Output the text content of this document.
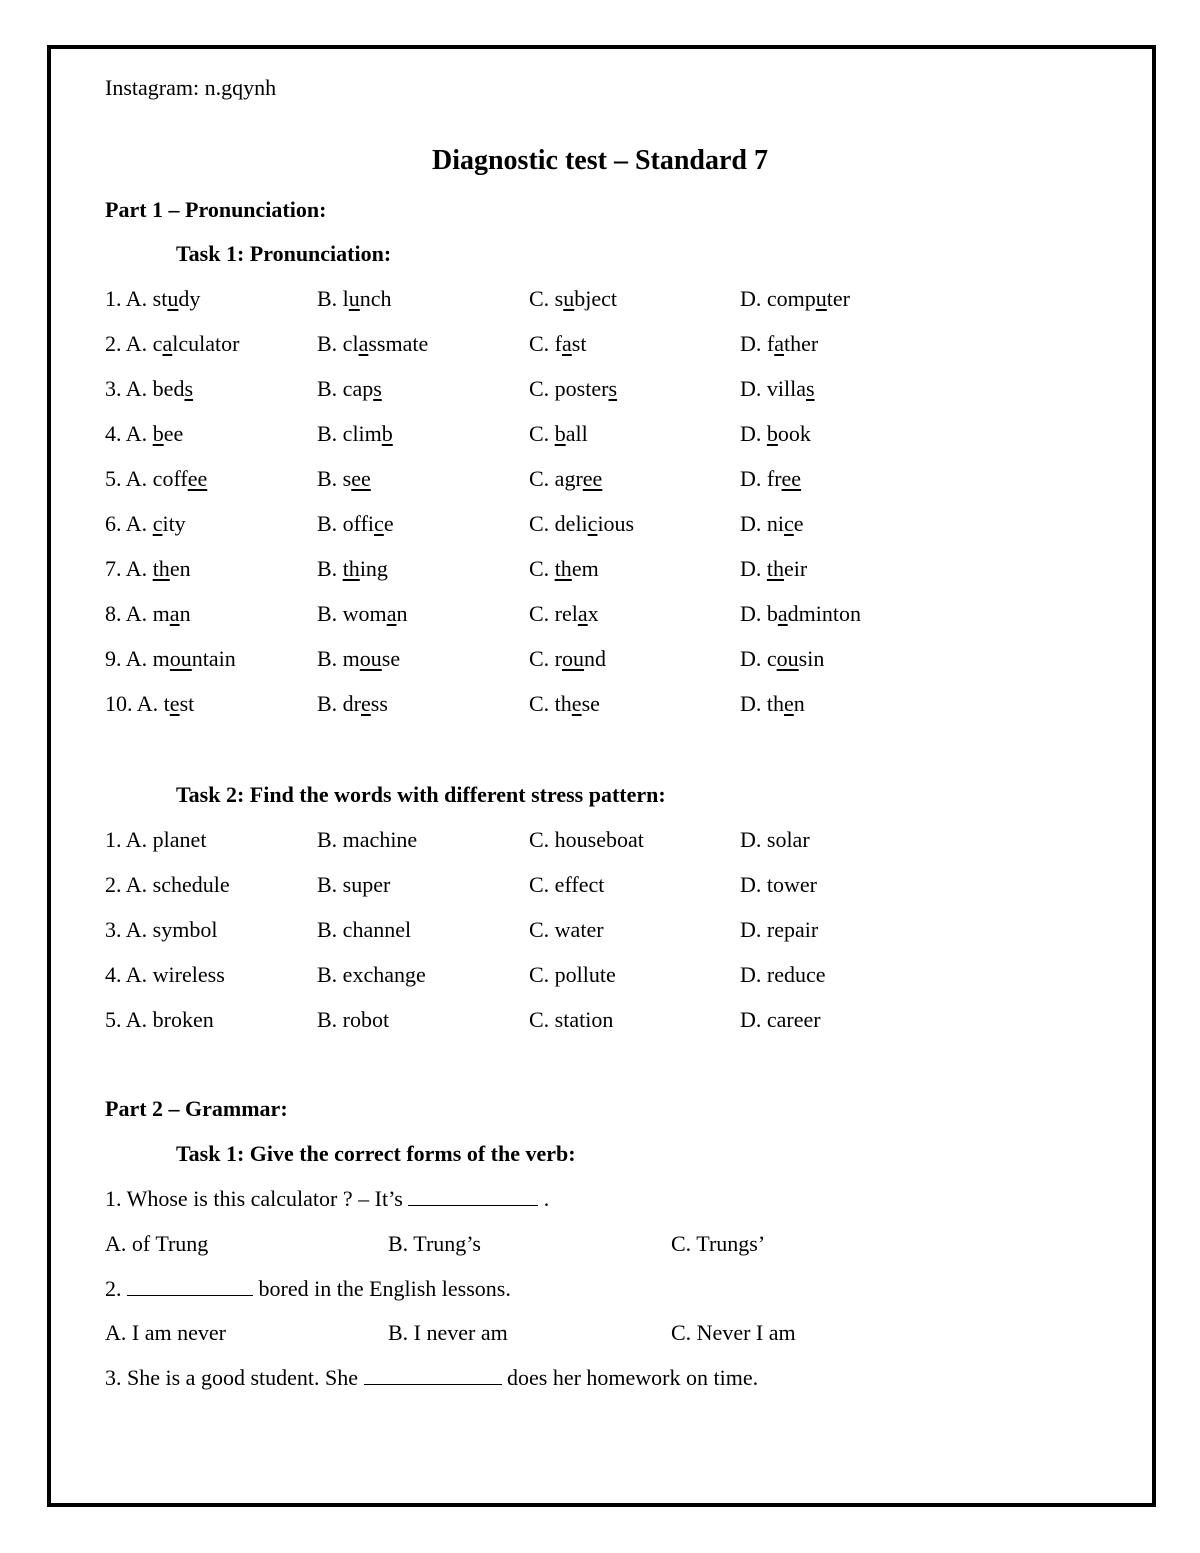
Instagram: n.gqynh
Diagnostic test – Standard 7
Part 1 – Pronunciation:
Task 1: Pronunciation:
1. A. study	B. lunch	C. subject	D. computer
2. A. calculator	B. classmate	C. fast	D. father
3. A. beds	B. caps	C. posters	D. villas
4. A. bee	B. climb	C. ball	D. book
5. A. coffee	B. see	C. agree	D. free
6. A. city	B. office	C. delicious	D. nice
7. A. then	B. thing	C. them	D. their
8. A. man	B. woman	C. relax	D. badminton
9. A. mountain	B. mouse	C. round	D. cousin
10. A. test	B. dress	C. these	D. then
Task 2: Find the words with different stress pattern:
1. A. planet	B. machine	C. houseboat	D. solar
2. A. schedule	B. super	C. effect	D. tower
3. A. symbol	B. channel	C. water	D. repair
4. A. wireless	B. exchange	C. pollute	D. reduce
5. A. broken	B. robot	C. station	D. career
Part 2 – Grammar:
Task 1: Give the correct forms of the verb:
1. Whose is this calculator ? – It’s	.
A. of Trung	B. Trung’s	C. Trungs’
2.	bored in the English lessons.
A. I am never	B. I never am	C. Never I am
3. She is a good student. She	does her homework on time.
